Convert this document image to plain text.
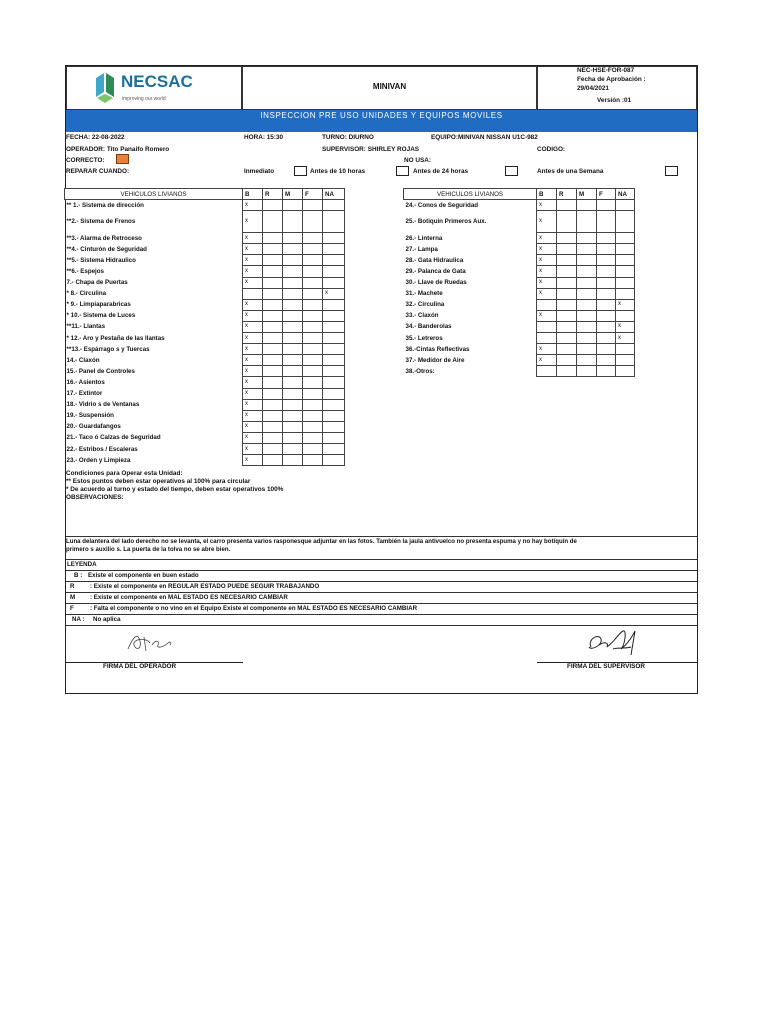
NECSAC
improving our world
MINIVAN
NEC-HSE-FOR-087
Fecha de Aprobación :
29/04/2021
Versión :01
INSPECCION PRE USO UNIDADES Y EQUIPOS MOVILES
FECHA: 22-08-2022	HORA: 15:30	TURNO: DIURNO	EQUIPO:MINIVAN NISSAN U1C-982
OPERADOR: Tito Panaifo Romero	SUPERVISOR: SHIRLEY ROJAS	CODIGO:
CORRECTO:	NO USA:
REPARAR CUANDO:	Inmediato	Antes de 10 horas	Antes de 24 horas	Antes de una Semana
VEHICULOS LIVIANOS	B	R	M	F	NA
** 1.- Sistema de dirección	x				
**2.- Sistema de Frenos	x				
**3.- Alarma de Retroceso	x				
**4.- Cinturón de Seguridad	x				
**5.- Sistema Hidraulico	x				
**6.- Espejos	x				
7.- Chapa de Puertas	x				
* 8.- Circulina					x
* 9.- Limpiaparabricas	x				
* 10.- Sistema de Luces	x				
**11.- Llantas	x				
* 12.- Aro y Pestaña de las llantas	x				
**13.- Espárrago s y Tuercas	x				
14.- Claxón	x				
15.- Panel de Controles	x				
16.- Asientos	x				
17.- Extintor	x				
18.- Vidrio s de Ventanas	x				
19.- Suspensión	x				
20.- Guardafangos	x				
21.- Taco ó Calzas de Seguridad	x				
22.- Estribos / Escaleras	x				
23.- Orden y Limpieza	x				
VEHICULOS LIVIANOS	B	R	M	F	NA
24.- Conos de Seguridad	x				
25.- Botiquin Primeros Aux.	x				
26.- Linterna	x				
27.- Lampa	x				
28.- Gata Hidraulica	x				
29.- Palanca de Gata	x				
30.- Llave de Ruedas	x				
31.- Machete	x				
32.- Circulina					x
33.- Claxón	x				
34.- Banderolas					x
35.- Letreros					x
36.-Cintas Reflectivas	x				
37.- Medidor de Aire	x				
38.-Otros:					
Condiciones para Operar esta Unidad:
** Estos puntos deben estar operativos al 100% para circular
* De acuerdo al turno y estado del tiempo, deben estar operativos 100%
OBSERVACIONES:
Luna delantera del lado derecho no se levanta, el carro presenta varios rasponesque adjuntar en las fotos. También la jaula antivuelco no presenta espuma y no hay botiquín de
primero s auxilio s. La puerta de la tolva no se abre bien.
LEYENDA
B : Existe el componente en buen estado
R	: Existe el componente en REGULAR ESTADO PUEDE SEGUIR TRABAJANDO
M : Existe el componente en MAL ESTADO ES NECESARIO CAMBIAR
F	: Falta el componente o no vino en el Equipo Existe el componente en MAL ESTADO ES NECESARIO CAMBIAR
NA : No aplica
FIRMA DEL OPERADOR	FIRMA DEL SUPERVISOR
